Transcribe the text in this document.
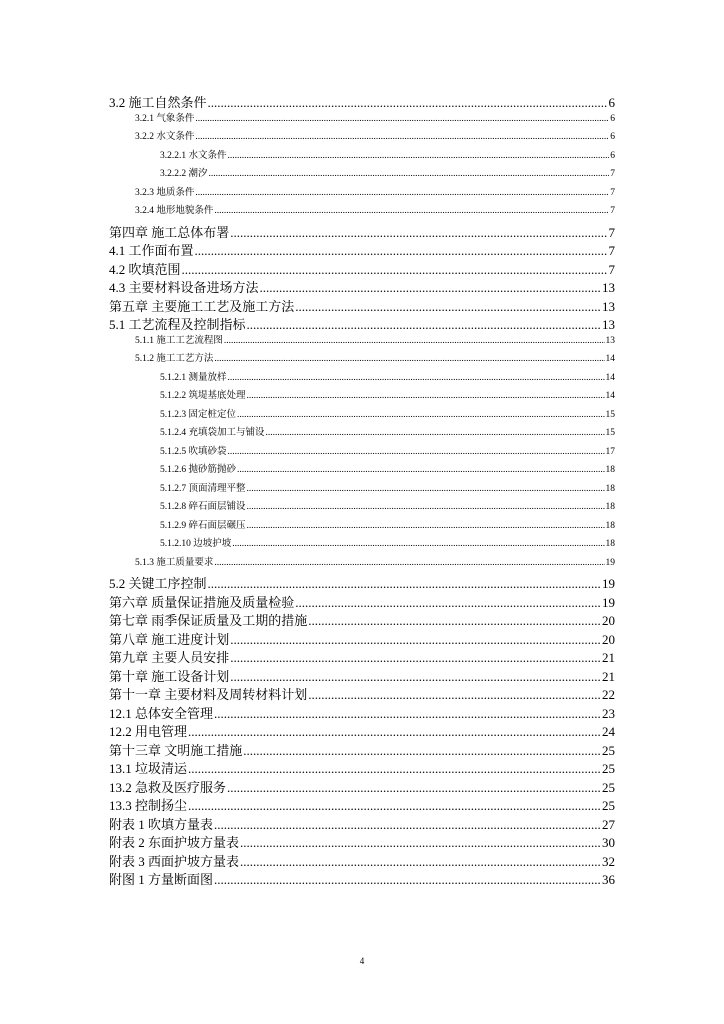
3.2 施工自然条件 .....	6
3.2.1 气象条件 .....	6
3.2.2 水文条件 .....	6
3.2.2.1 水文条件 .....	6
3.2.2.2 潮汐 .....	7
3.2.3 地质条件 .....	7
3.2.4 地形地貌条件 .....	7
第四章 施工总体布署 .....	7
4.1 工作面布置 .....	7
4.2 吹填范围 .....	7
4.3 主要材料设备进场方法 .....	13
第五章 主要施工工艺及施工方法 .....	13
5.1 工艺流程及控制指标 .....	13
5.1.1 施工工艺流程图 .....	13
5.1.2 施工工艺方法 .....	14
5.1.2.1 测量放样 .....	14
5.1.2.2 筑堤基底处理 .....	14
5.1.2.3 固定桩定位 .....	15
5.1.2.4 充填袋加工与铺设 .....	15
5.1.2.5 吹填砂袋 .....	17
5.1.2.6 抛砂筋抛砂 .....	18
5.1.2.7 顶面清理平整 .....	18
5.1.2.8 碎石面层铺设 .....	18
5.1.2.9 碎石面层碾压 .....	18
5.1.2.10 边坡护坡 .....	18
5.1.3 施工质量要求 .....	19
5.2 关键工序控制 .....	19
第六章 质量保证措施及质量检验 .....	19
第七章 雨季保证质量及工期的措施 .....	20
第八章 施工进度计划 .....	20
第九章 主要人员安排 .....	21
第十章 施工设备计划 .....	21
第十一章 主要材料及周转材料计划 .....	22
12.1 总体安全管理 .....	23
12.2 用电管理 .....	24
第十三章 文明施工措施 .....	25
13.1 垃圾清运 .....	25
13.2 急救及医疗服务 .....	25
13.3 控制扬尘 .....	25
附表 1 吹填方量表 .....	27
附表 2 东面护坡方量表 .....	30
附表 3 西面护坡方量表 .....	32
附图 1 方量断面图 .....	36
4
